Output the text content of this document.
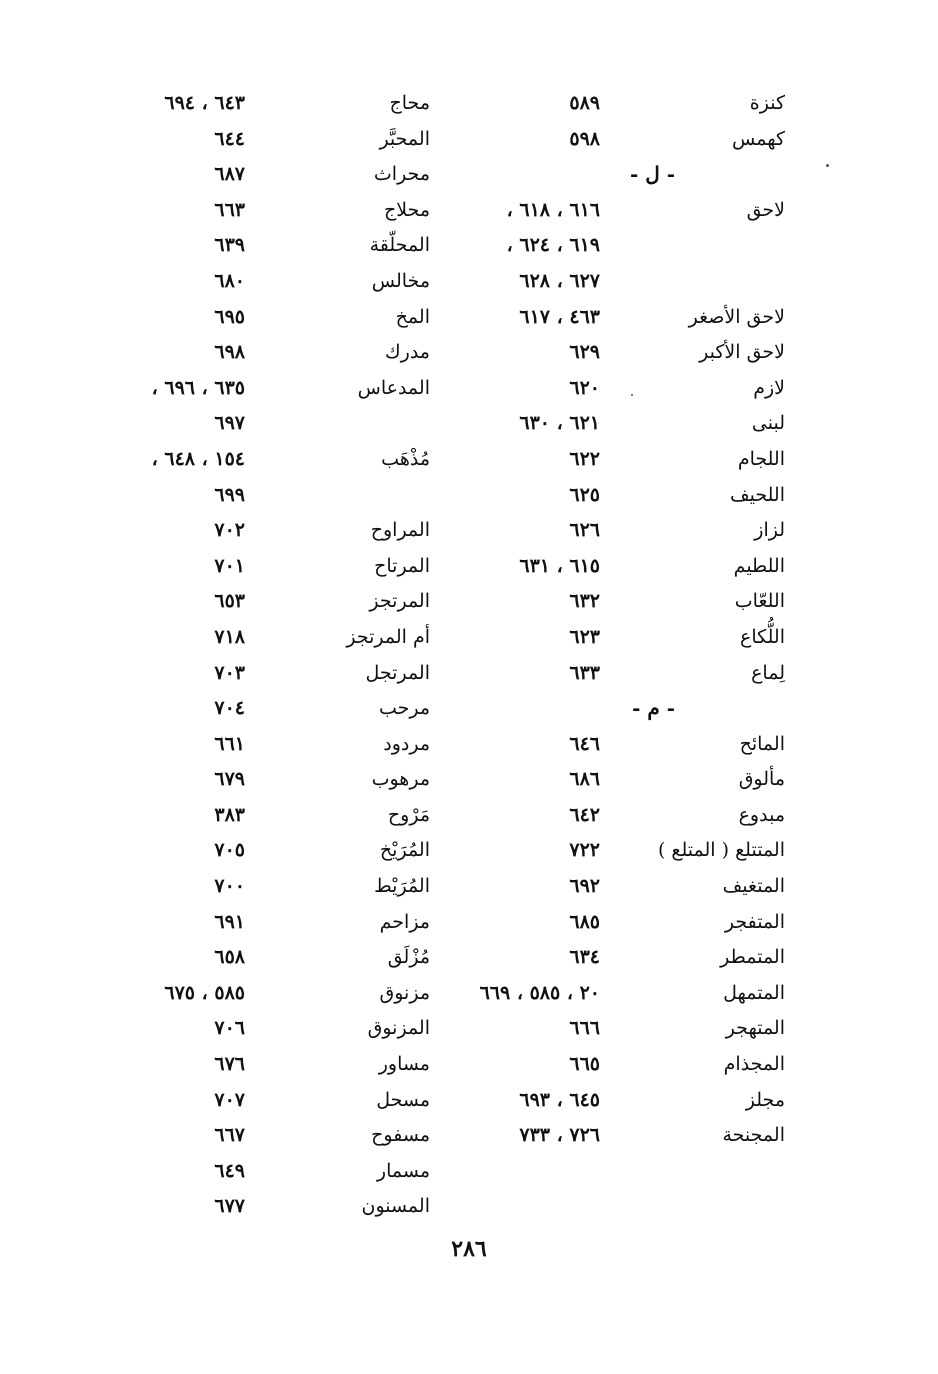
كنزة
٥٨٩
كهمس
٥٩٨
- ل -
لاحق
٦١٦ ، ٦١٨ ،
٦١٩ ، ٦٢٤ ،
٦٢٧ ، ٦٢٨
لاحق الأصغر
٤٦٣ ، ٦١٧
لاحق الأكبر
٦٢٩
لازم
٦٢٠
لبنى
٦٢١ ، ٦٣٠
اللجام
٦٢٢
اللحيف
٦٢٥
لزاز
٦٢٦
اللطيم
٦١٥ ، ٦٣١
اللعّاب
٦٣٢
اللُّكاع
٦٢٣
لِماع
٦٣٣
- م -
المائح
٦٤٦
مألوق
٦٨٦
مبدوع
٦٤٢
المتتلع ( المتلع )
٧٢٢
المتغيف
٦٩٢
المتفجر
٦٨٥
المتمطر
٦٣٤
المتمهل
٢٠ ، ٥٨٥ ، ٦٦٩
المتهجر
٦٦٦
المجذام
٦٦٥
مجلز
٦٤٥ ، ٦٩٣
المجنحة
٧٢٦ ، ٧٣٣
محاج
٦٤٣ ، ٦٩٤
المحبَّر
٦٤٤
محراث
٦٨٧
محلاج
٦٦٣
المحلّقة
٦٣٩
مخالس
٦٨٠
المخ
٦٩٥
مدرك
٦٩٨
المدعاس
٦٣٥ ، ٦٩٦ ،
٦٩٧
مُذْهَب
١٥٤ ، ٦٤٨ ،
٦٩٩
المراوح
٧٠٢
المرتاح
٧٠١
المرتجز
٦٥٣
أم المرتجز
٧١٨
المرتجل
٧٠٣
مرحب
٧٠٤
مردود
٦٦١
مرهوب
٦٧٩
مَرْوح
٣٨٣
المُرَيْخ
٧٠٥
المُرَيْط
٧٠٠
مزاحم
٦٩١
مُزْلَق
٦٥٨
مزنوق
٥٨٥ ، ٦٧٥
المزنوق
٧٠٦
مساور
٦٧٦
مسحل
٧٠٧
مسفوح
٦٦٧
مسمار
٦٤٩
المسنون
٦٧٧
٢٨٦
